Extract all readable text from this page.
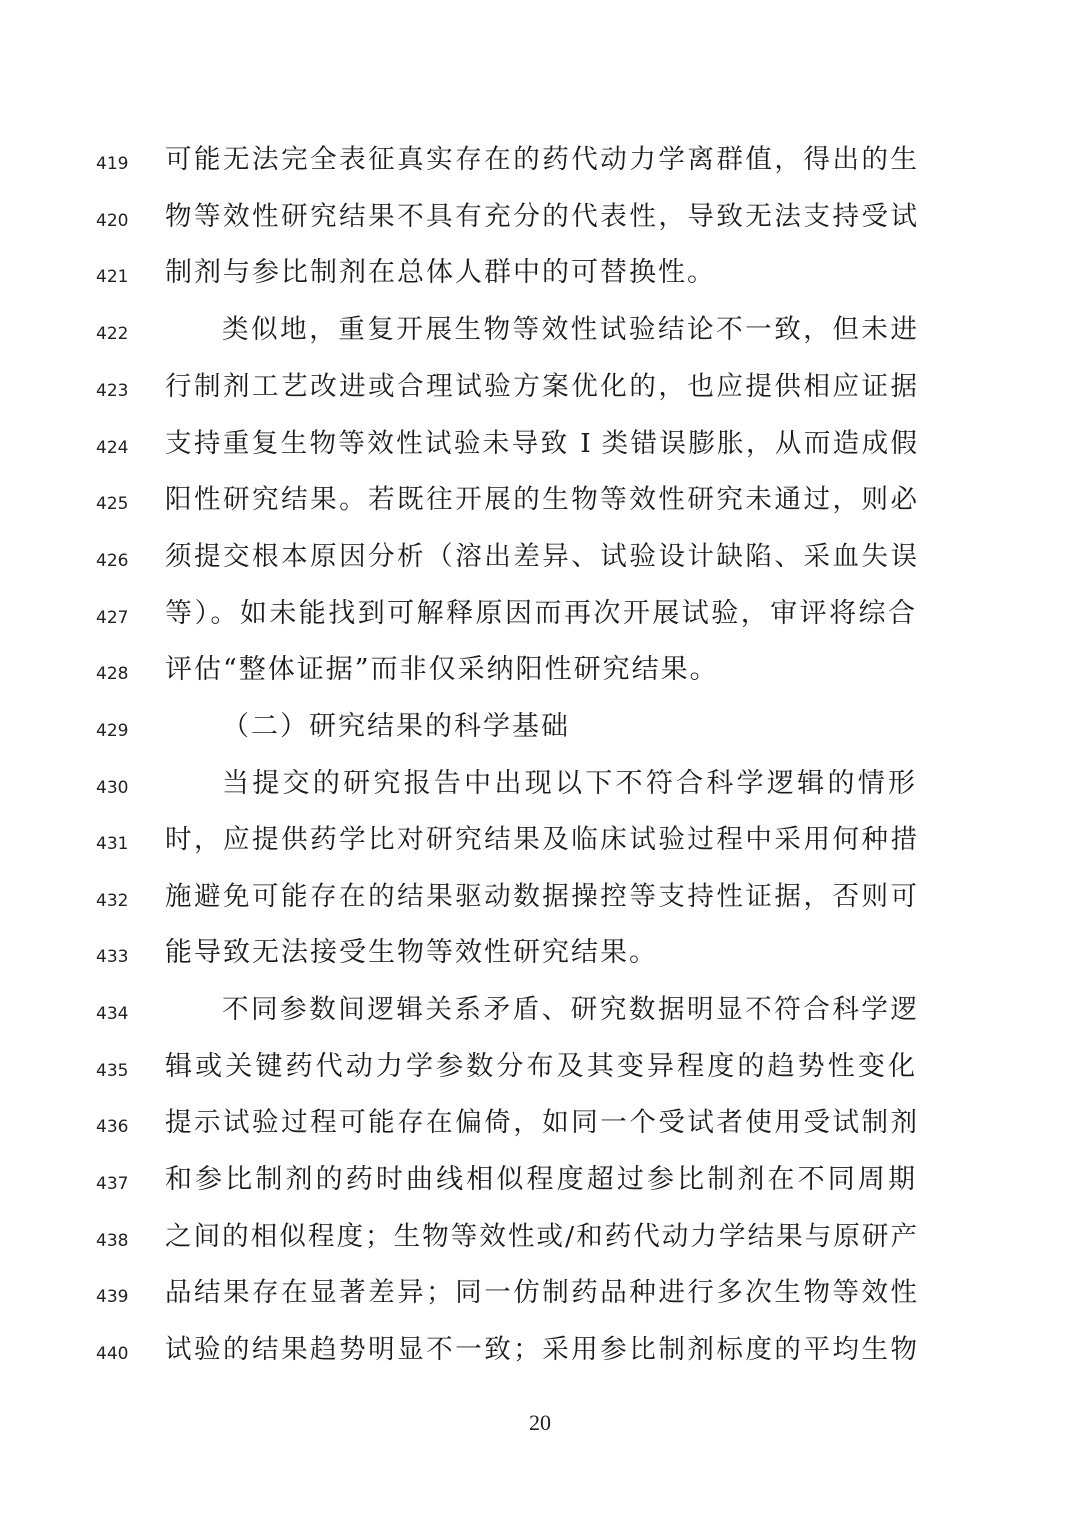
419 可能无法完全表征真实存在的药代动力学离群值，得出的生
420 物等效性研究结果不具有充分的代表性，导致无法支持受试
421 制剂与参比制剂在总体人群中的可替换性。
422	类似地，重复开展生物等效性试验结论不一致，但未进
423 行制剂工艺改进或合理试验方案优化的，也应提供相应证据
424 支持重复生物等效性试验未导致 I 类错误膨胀，从而造成假
425 阳性研究结果。若既往开展的生物等效性研究未通过，则必
426 须提交根本原因分析（溶出差异、试验设计缺陷、采血失误
427 等）。如未能找到可解释原因而再次开展试验，审评将综合
428 评估“整体证据”而非仅采纳阳性研究结果。
429	（二）研究结果的科学基础
430	当提交的研究报告中出现以下不符合科学逻辑的情形
431 时，应提供药学比对研究结果及临床试验过程中采用何种措
432 施避免可能存在的结果驱动数据操控等支持性证据，否则可
433 能导致无法接受生物等效性研究结果。
434	不同参数间逻辑关系矛盾、研究数据明显不符合科学逻
435 辑或关键药代动力学参数分布及其变异程度的趋势性变化
436 提示试验过程可能存在偏倚，如同一个受试者使用受试制剂
437 和参比制剂的药时曲线相似程度超过参比制剂在不同周期
438 之间的相似程度；生物等效性或/和药代动力学结果与原研产
439 品结果存在显著差异；同一仿制药品种进行多次生物等效性
440 试验的结果趋势明显不一致；采用参比制剂标度的平均生物
20
